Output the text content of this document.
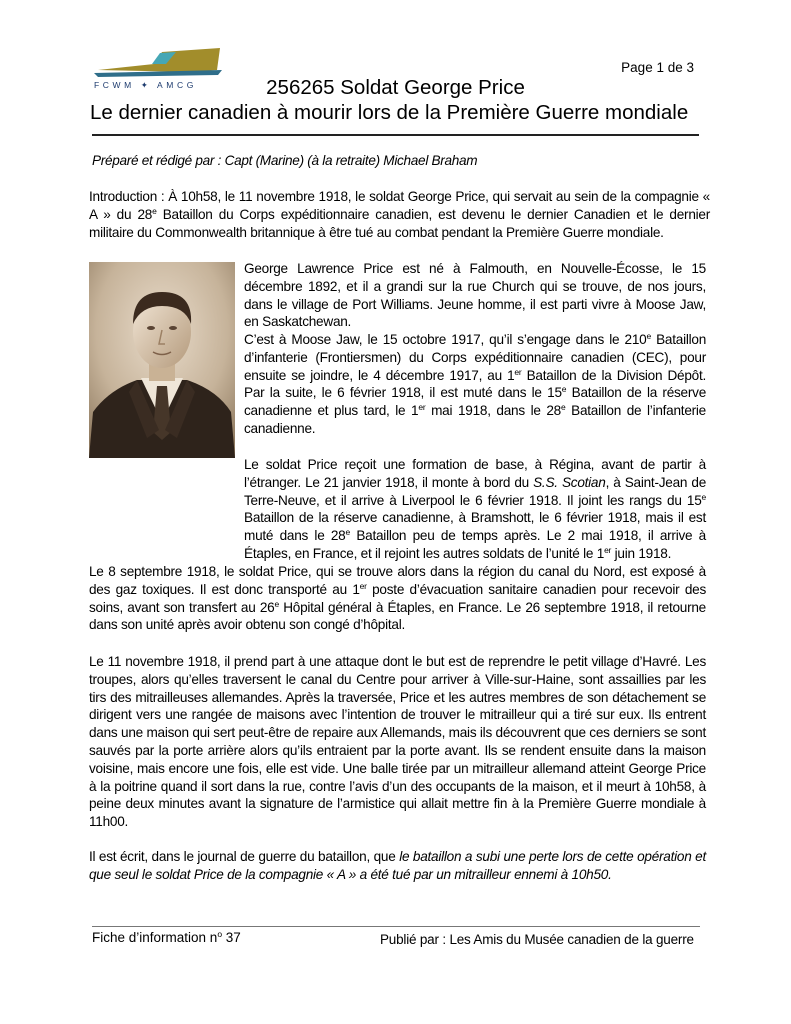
FCWM ✦ AMCG
Page 1 de 3
256265 Soldat George Price
Le dernier canadien à mourir lors de la Première Guerre mondiale
Préparé et rédigé par : Capt (Marine) (à la retraite) Michael Braham
Introduction : À 10h58, le 11 novembre 1918, le soldat George Price, qui servait au sein de la compagnie « A » du 28e Bataillon du Corps expéditionnaire canadien, est devenu le dernier Canadien et le dernier militaire du Commonwealth britannique à être tué au combat pendant la Première Guerre mondiale.
George Lawrence Price est né à Falmouth, en Nouvelle-Écosse, le 15 décembre 1892, et il a grandi sur la rue Church qui se trouve, de nos jours, dans le village de Port Williams. Jeune homme, il est parti vivre à Moose Jaw, en Saskatchewan.
C’est à Moose Jaw, le 15 octobre 1917, qu’il s’engage dans le 210e Bataillon d’infanterie (Frontiersmen) du Corps expéditionnaire canadien (CEC), pour ensuite se joindre, le 4 décembre 1917, au 1er Bataillon de la Division Dépôt. Par la suite, le 6 février 1918, il est muté dans le 15e Bataillon de la réserve canadienne et plus tard, le 1er mai 1918, dans le 28e Bataillon de l’infanterie canadienne.
Le soldat Price reçoit une formation de base, à Régina, avant de partir à l’étranger. Le 21 janvier 1918, il monte à bord du S.S. Scotian, à Saint-Jean de Terre-Neuve, et il arrive à Liverpool le 6 février 1918. Il joint les rangs du 15e Bataillon de la réserve canadienne, à Bramshott, le 6 février 1918, mais il est muté dans le 28e Bataillon peu de temps après. Le 2 mai 1918, il arrive à Étaples, en France, et il rejoint les autres soldats de l’unité le 1er juin 1918.
Le 8 septembre 1918, le soldat Price, qui se trouve alors dans la région du canal du Nord, est exposé à des gaz toxiques. Il est donc transporté au 1er poste d’évacuation sanitaire canadien pour recevoir des soins, avant son transfert au 26e Hôpital général à Étaples, en France. Le 26 septembre 1918, il retourne dans son unité après avoir obtenu son congé d’hôpital.
Le 11 novembre 1918, il prend part à une attaque dont le but est de reprendre le petit village d’Havré. Les troupes, alors qu’elles traversent le canal du Centre pour arriver à Ville-sur-Haine, sont assaillies par les tirs des mitrailleuses allemandes. Après la traversée, Price et les autres membres de son détachement se dirigent vers une rangée de maisons avec l’intention de trouver le mitrailleur qui a tiré sur eux. Ils entrent dans une maison qui sert peut-être de repaire aux Allemands, mais ils découvrent que ces derniers se sont sauvés par la porte arrière alors qu’ils entraient par la porte avant. Ils se rendent ensuite dans la maison voisine, mais encore une fois, elle est vide. Une balle tirée par un mitrailleur allemand atteint George Price à la poitrine quand il sort dans la rue, contre l’avis d’un des occupants de la maison, et il meurt à 10h58, à peine deux minutes avant la signature de l’armistice qui allait mettre fin à la Première Guerre mondiale à 11h00.
Il est écrit, dans le journal de guerre du bataillon, que le bataillon a subi une perte lors de cette opération et que seul le soldat Price de la compagnie « A » a été tué par un mitrailleur ennemi à 10h50.
Fiche d’information $n^o$ 37	Publié par : Les Amis du Musée canadien de la guerre
